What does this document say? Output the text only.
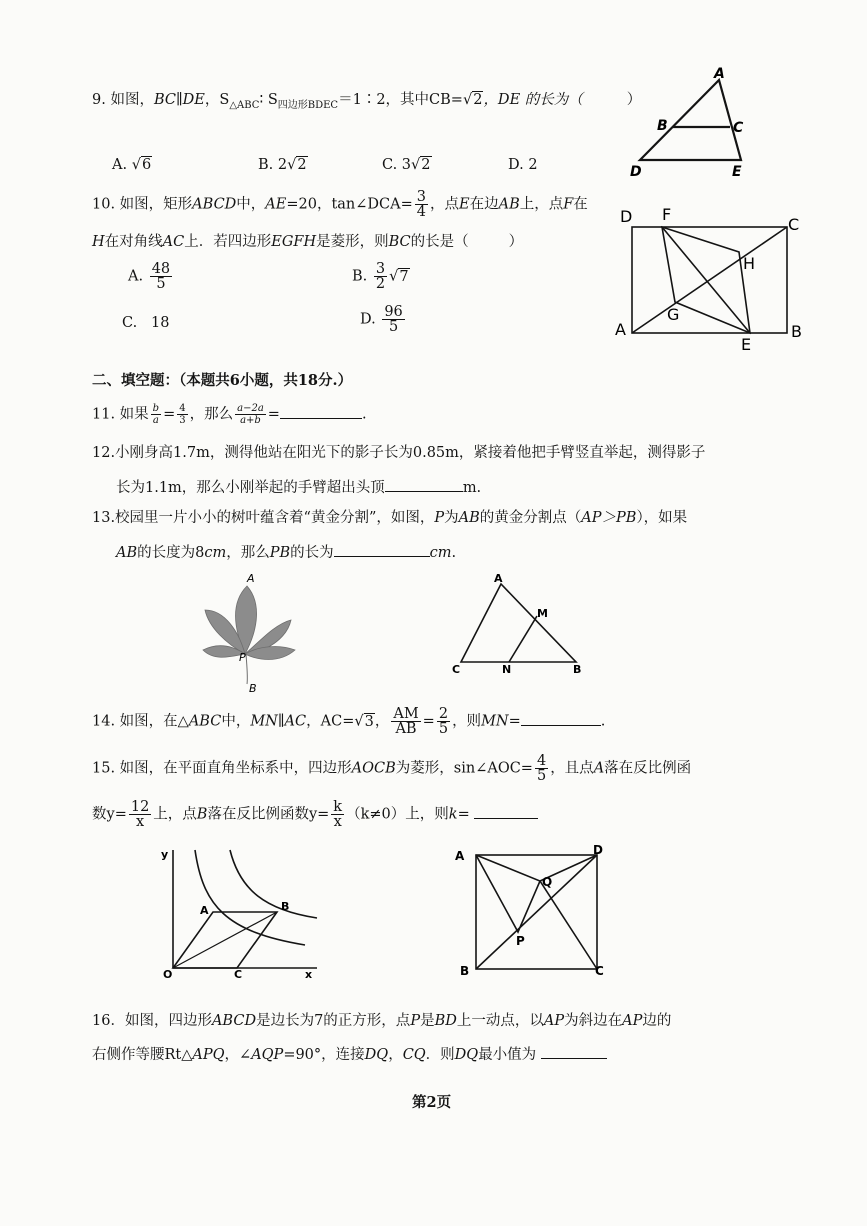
9. 如图，BC∥DE，$S_{\triangle ABC}∶$ $S_{四边形BDEC}=1∶2$，其中CB=√2，DE 的长为（	）
A. √6	B. 2√2	C. 3√2	D. 2
A
B	C
D	E
10. 如图，矩形ABCD中，AE=20，tan∠DCA= $\frac{3}{4}$ ，点E在边AB上，点F在
H在对角线AC上．若四边形EGFH是菱形，则BC的长是（	）
A. $\frac{48}{5}$	B. $\frac{3}{2} √7$
C. 18	D. $\frac{96}{5}$
D F
C
H
G
A
E
B
二、填空题：（本题共6小题，共18分.）
11. 如果 $\frac{b}{a} = \frac{4}{3}$ ，那么 $\frac{a-2a}{a+b}$ =	.
12.小刚身高1.7m，测得他站在阳光下的影子长为0.85m，紧接着他把手臂竖直举起，测得影子
长为1.1m，那么小刚举起的手臂超出头顶	m.
13.校园里一片小小的树叶蕴含着“黄金分割”，如图，P为AB的黄金分割点（AP＞PB），如果
AB的长度为8cm，那么PB的长为	cm.
A
P
B
A
M
C	N	B
14. 如图，在△ABC中，MN∥AC，AC=√3， $\frac{AM}{AB} = \frac{2}{5}$ ，则MN=	.
15. 如图，在平面直角坐标系中，四边形AOCB为菱形，sin∠AOC= $\frac{4}{5}$ ，且点A落在反比例函
数$y= \frac{12}{x}$ 上，点B落在反比例函数$y= \frac{k}{x} (k\ne 0)$上，则k=
y
A	B
O	C	x
A	D
Q
P
B	C
16．如图，四边形ABCD是边长为7的正方形，点P是BD上一动点，以AP为斜边在AP边的
右侧作等腰Rt△APQ，∠AQP=90°，连接DQ，CQ．则DQ最小值为
第2页
